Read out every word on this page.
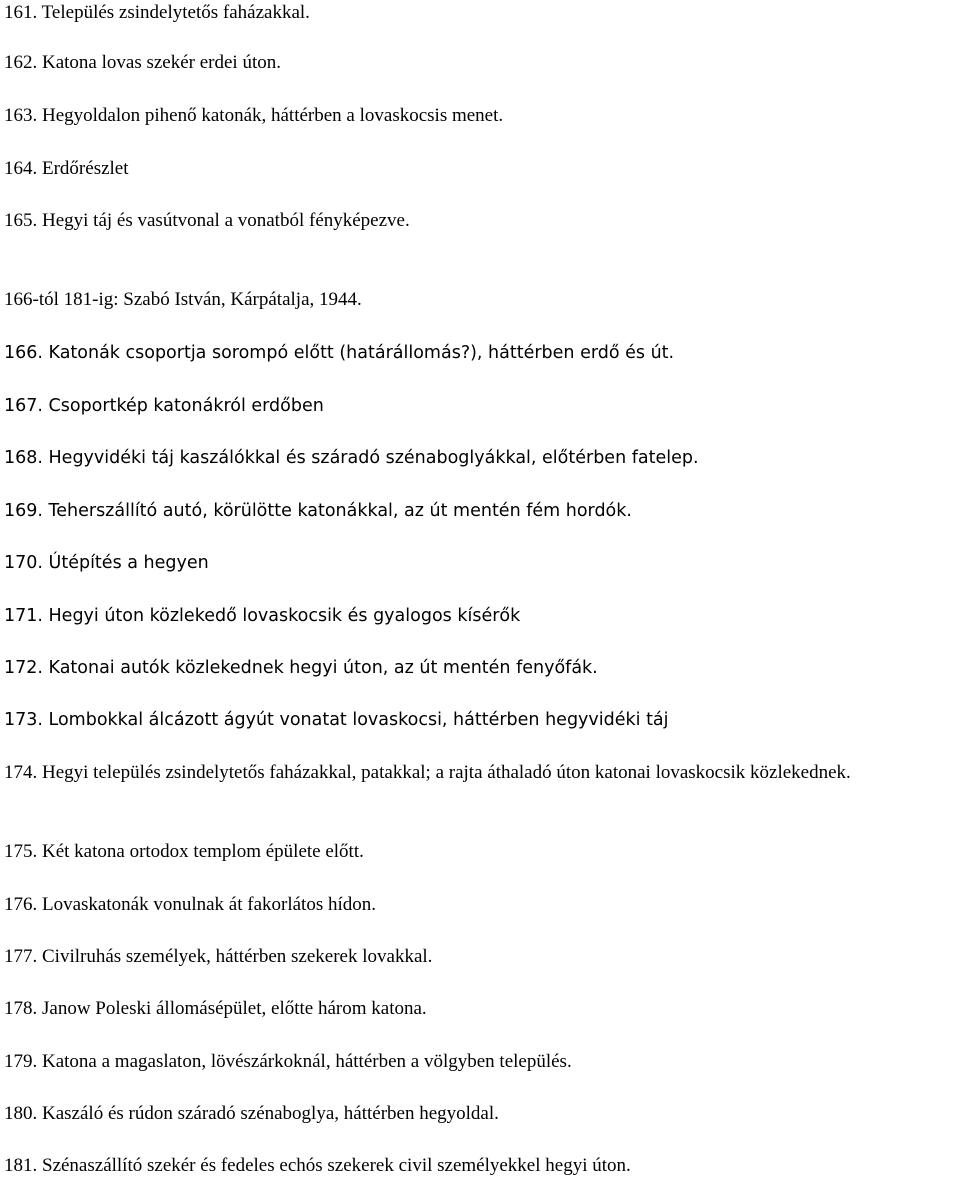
161. Település zsindelytetős faházakkal.

162. Katona lovas szekér erdei úton.

163. Hegyoldalon pihenő katonák, háttérben a lovaskocsis menet.

164. Erdőrészlet

165. Hegyi táj és vasútvonal a vonatból fényképezve.

166-tól 181-ig: Szabó István, Kárpátalja, 1944.

166. Katonák csoportja sorompó előtt (határállomás?), háttérben erdő és út.

167. Csoportkép katonákról erdőben

168. Hegyvidéki táj kaszálókkal és száradó szénaboglyákkal, előtérben fatelep.

169. Teherszállító autó, körülötte katonákkal, az út mentén fém hordók.

170. Útépítés a hegyen

171. Hegyi úton közlekedő lovaskocsik és gyalogos kísérők

172. Katonai autók közlekednek hegyi úton, az út mentén fenyőfák.

173. Lombokkal álcázott ágyút vonatat lovaskocsi, háttérben hegyvidéki táj

174. Hegyi település zsindelytetős faházakkal, patakkal; a rajta áthaladó úton katonai lovaskocsik közlekednek.

175. Két katona ortodox templom épülete előtt.

176. Lovaskatonák vonulnak át fakorlátos hídon.

177. Civilruhás személyek, háttérben szekerek lovakkal.

178. Janow Poleski állomásépület, előtte három katona.

179. Katona a magaslaton, lövészárkoknál, háttérben a völgyben település.

180. Kaszáló és rúdon száradó szénaboglya, háttérben hegyoldal.

181. Szénaszállító szekér és fedeles echós szekerek civil személyekkel hegyi úton.
